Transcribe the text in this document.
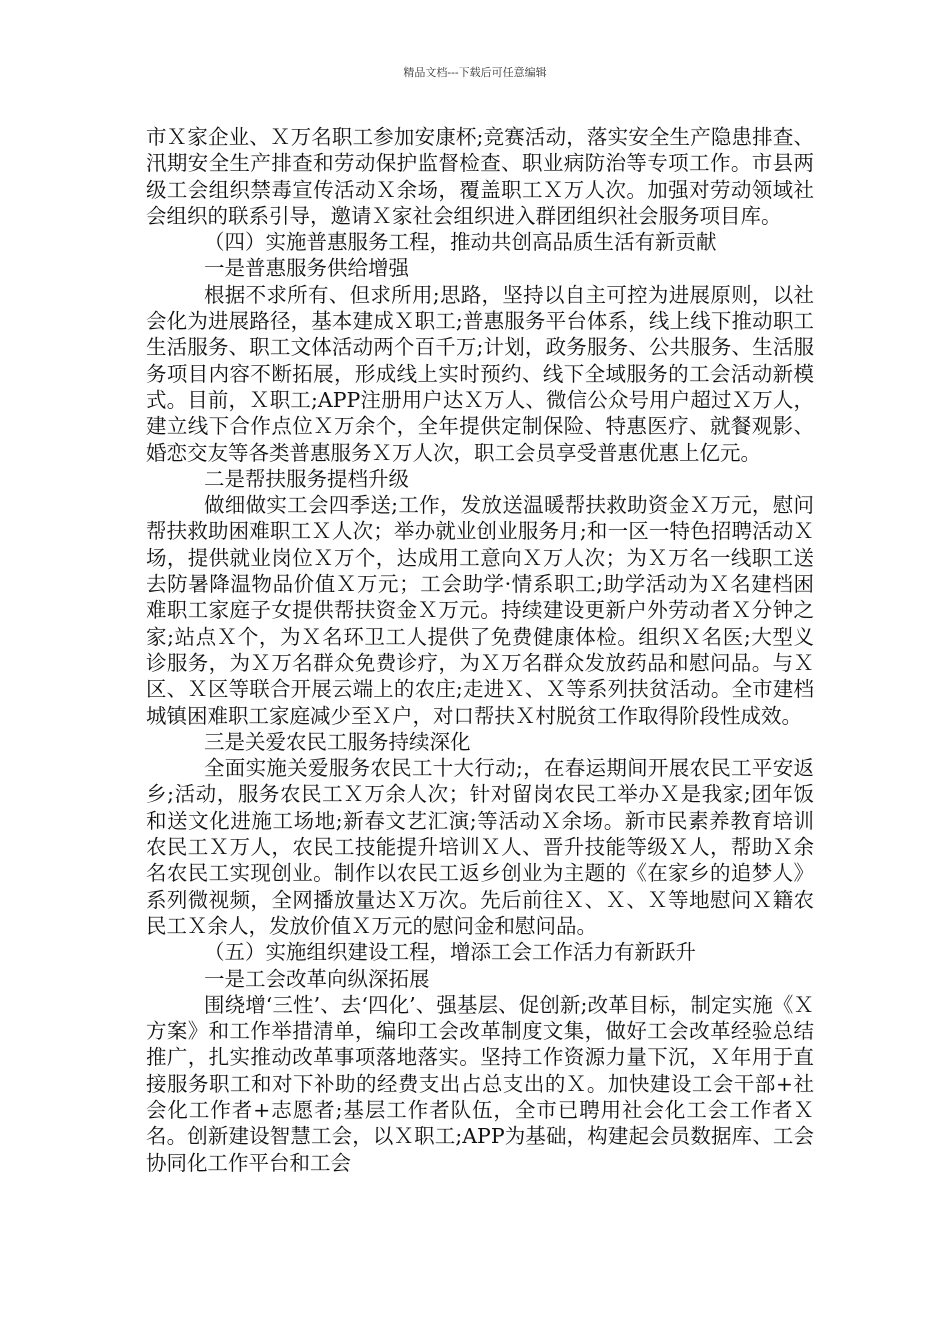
精品文档---下载后可任意编辑

市Ｘ家企业、Ｘ万名职工参加安康杯;竞赛活动，落实安全生产隐患排查、汛期安全生产排查和劳动保护监督检查、职业病防治等专项工作。市县两级工会组织禁毒宣传活动Ｘ余场，覆盖职工Ｘ万人次。加强对劳动领域社会组织的联系引导，邀请Ｘ家社会组织进入群团组织社会服务项目库。

（四）实施普惠服务工程，推动共创高品质生活有新贡献

一是普惠服务供给增强

根据不求所有、但求所用;思路，坚持以自主可控为进展原则，以社会化为进展路径，基本建成Ｘ职工;普惠服务平台体系，线上线下推动职工生活服务、职工文体活动两个百千万;计划，政务服务、公共服务、生活服务项目内容不断拓展，形成线上实时预约、线下全域服务的工会活动新模式。目前，Ｘ职工;APP注册用户达Ｘ万人、微信公众号用户超过Ｘ万人，建立线下合作点位Ｘ万余个，全年提供定制保险、特惠医疗、就餐观影、婚恋交友等各类普惠服务Ｘ万人次，职工会员享受普惠优惠上亿元。

二是帮扶服务提档升级

做细做实工会四季送;工作，发放送温暖帮扶救助资金Ｘ万元，慰问帮扶救助困难职工Ｘ人次；举办就业创业服务月;和一区一特色招聘活动Ｘ场，提供就业岗位Ｘ万个，达成用工意向Ｘ万人次；为Ｘ万名一线职工送去防暑降温物品价值Ｘ万元；工会助学·情系职工;助学活动为Ｘ名建档困难职工家庭子女提供帮扶资金Ｘ万元。持续建设更新户外劳动者Ｘ分钟之家;站点Ｘ个，为Ｘ名环卫工人提供了免费健康体检。组织Ｘ名医;大型义诊服务，为Ｘ万名群众免费诊疗，为Ｘ万名群众发放药品和慰问品。与Ｘ区、Ｘ区等联合开展云端上的农庄;走进Ｘ、Ｘ等系列扶贫活动。全市建档城镇困难职工家庭减少至Ｘ户，对口帮扶Ｘ村脱贫工作取得阶段性成效。

三是关爱农民工服务持续深化

全面实施关爱服务农民工十大行动;，在春运期间开展农民工平安返乡;活动，服务农民工Ｘ万余人次；针对留岗农民工举办Ｘ是我家;团年饭和送文化进施工场地;新春文艺汇演;等活动Ｘ余场。新市民素养教育培训农民工Ｘ万人，农民工技能提升培训Ｘ人、晋升技能等级Ｘ人，帮助Ｘ余名农民工实现创业。制作以农民工返乡创业为主题的《在家乡的追梦人》系列微视频，全网播放量达Ｘ万次。先后前往Ｘ、Ｘ、Ｘ等地慰问Ｘ籍农民工Ｘ余人，发放价值Ｘ万元的慰问金和慰问品。

（五）实施组织建设工程，增添工会工作活力有新跃升

一是工会改革向纵深拓展

围绕增‘三性’、去‘四化’、强基层、促创新;改革目标，制定实施《Ｘ方案》和工作举措清单，编印工会改革制度文集，做好工会改革经验总结推广，扎实推动改革事项落地落实。坚持工作资源力量下沉，Ｘ年用于直接服务职工和对下补助的经费支出占总支出的Ｘ。加快建设工会干部+社会化工作者+志愿者;基层工作者队伍，全市已聘用社会化工会工作者Ｘ名。创新建设智慧工会，以Ｘ职工;APP为基础，构建起会员数据库、工会协同化工作平台和工会
